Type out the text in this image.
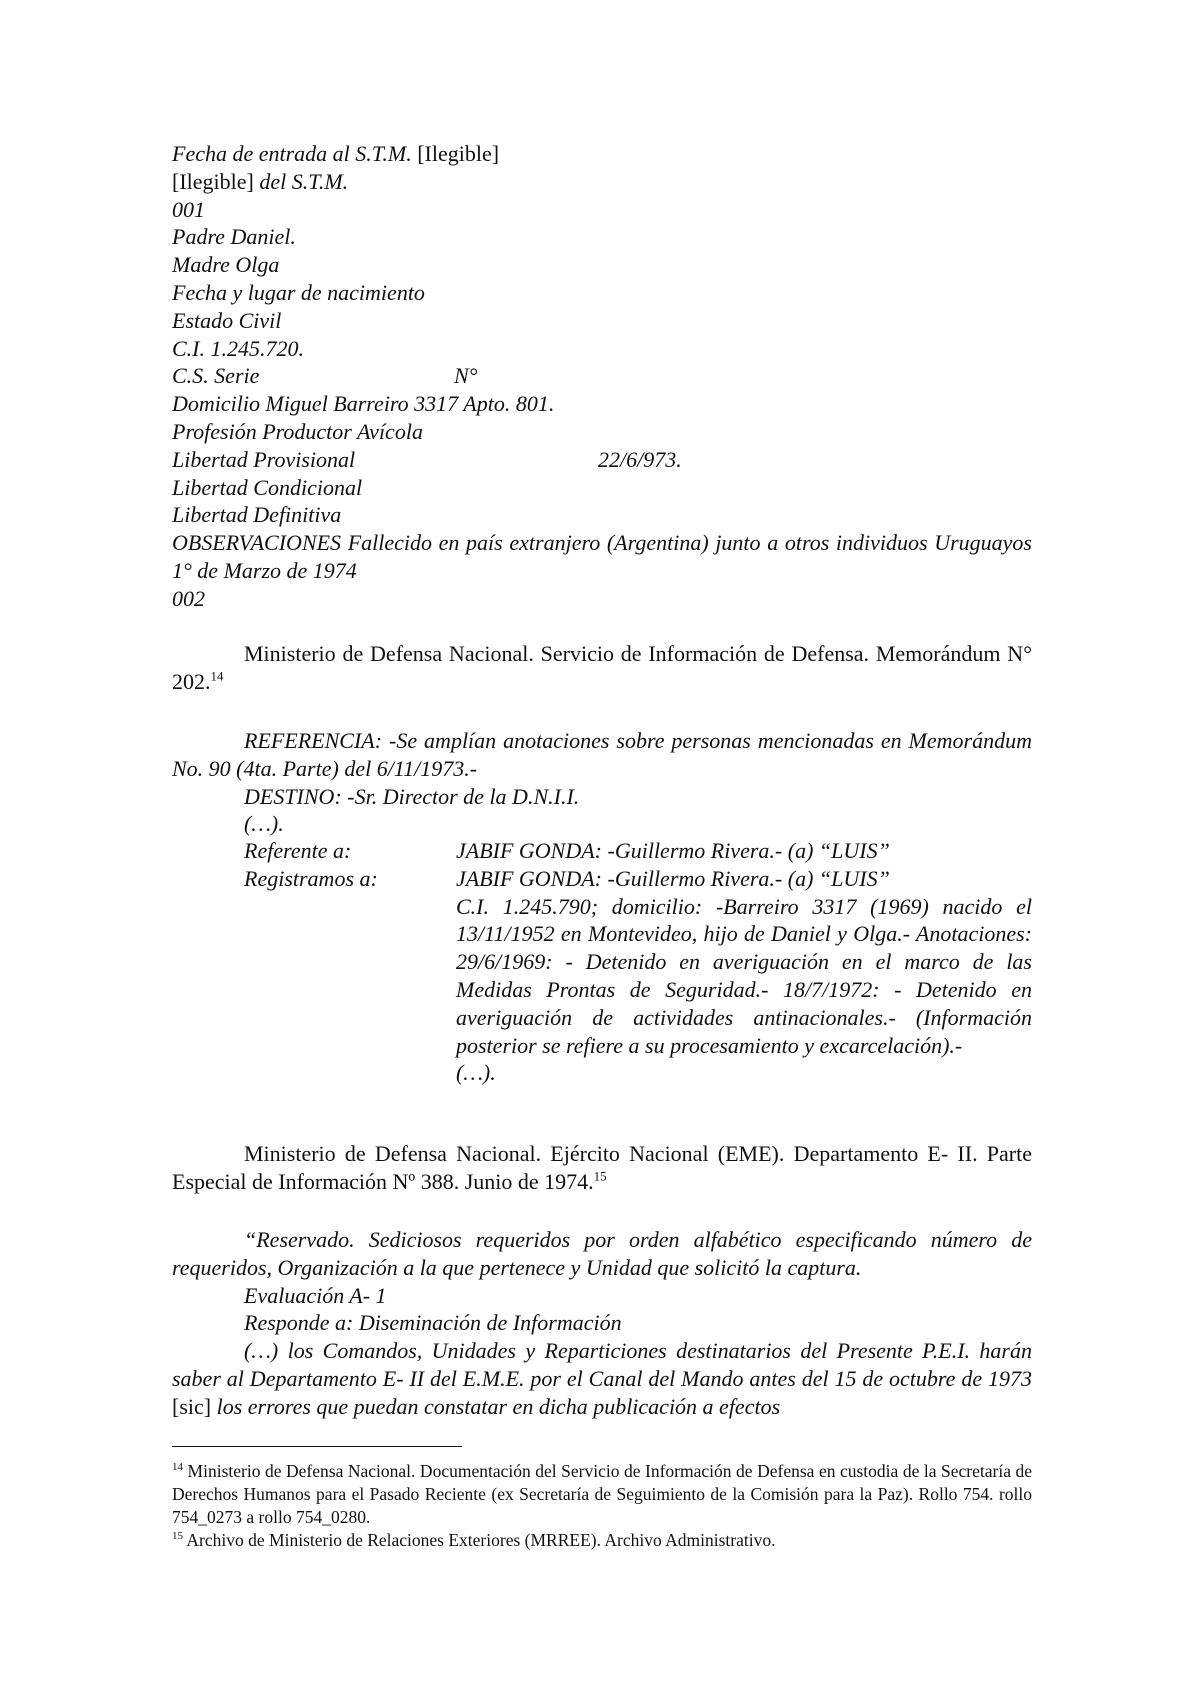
Fecha de entrada al S.T.M. [Ilegible]
[Ilegible] del S.T.M.
001
Padre Daniel.
Madre Olga
Fecha y lugar de nacimiento
Estado Civil
C.I. 1.245.720.
C.S. Serie	N°
Domicilio Miguel Barreiro 3317 Apto. 801.
Profesión Productor Avícola
Libertad Provisional	22/6/973.
Libertad Condicional
Libertad Definitiva
OBSERVACIONES Fallecido en país extranjero (Argentina) junto a otros individuos Uruguayos 1° de Marzo de 1974
002
Ministerio de Defensa Nacional. Servicio de Información de Defensa. Memorándum N° 202.14
REFERENCIA: -Se amplían anotaciones sobre personas mencionadas en Memorándum No. 90 (4ta. Parte) del 6/11/1973.-
DESTINO: -Sr. Director de la D.N.I.I.
(…).
Referente a:	JABIF GONDA: -Guillermo Rivera.- (a) “LUIS”
Registramos a:	JABIF GONDA: -Guillermo Rivera.- (a) “LUIS”
C.I. 1.245.790; domicilio: -Barreiro 3317 (1969) nacido el 13/11/1952 en Montevideo, hijo de Daniel y Olga.- Anotaciones: 29/6/1969: - Detenido en averiguación en el marco de las Medidas Prontas de Seguridad.- 18/7/1972: - Detenido en averiguación de actividades antinacionales.- (Información posterior se refiere a su procesamiento y excarcelación).-
(…).
Ministerio de Defensa Nacional. Ejército Nacional (EME). Departamento E- II. Parte Especial de Información Nº 388. Junio de 1974.15
“Reservado. Sediciosos requeridos por orden alfabético especificando número de requeridos, Organización a la que pertenece y Unidad que solicitó la captura.
Evaluación A- 1
Responde a: Diseminación de Información
(…) los Comandos, Unidades y Reparticiones destinatarios del Presente P.E.I. harán saber al Departamento E- II del E.M.E. por el Canal del Mando antes del 15 de octubre de 1973 [sic] los errores que puedan constatar en dicha publicación a efectos
$^{14}$ Ministerio de Defensa Nacional. Documentación del Servicio de Información de Defensa en custodia de la Secretaría de Derechos Humanos para el Pasado Reciente (ex Secretaría de Seguimiento de la Comisión para la Paz). Rollo 754. rollo 754_0273 a rollo 754_0280.
$^{15}$ Archivo de Ministerio de Relaciones Exteriores (MRREE). Archivo Administrativo.
